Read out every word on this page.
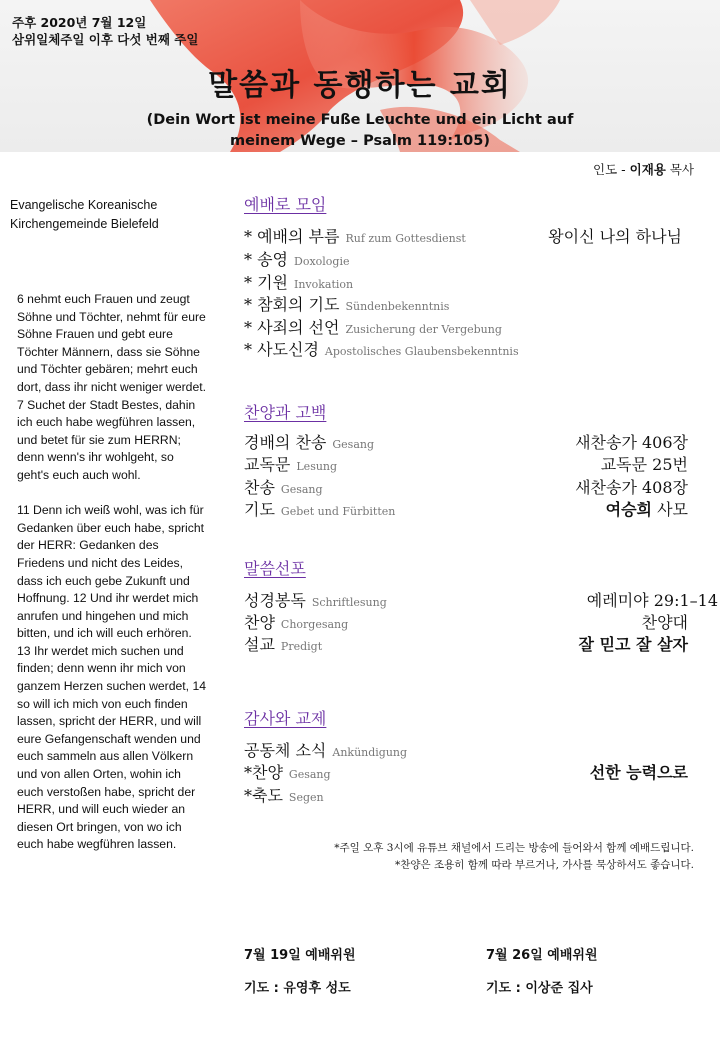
주후 2020년 7월 12일
삼위일체주일 이후 다섯 번째 주일
말씀과 동행하는 교회
(Dein Wort ist meine Fuße Leuchte und ein Licht auf
meinem Wege – Psalm 119:105)
인도 - 이재용 목사
Evangelische Koreanische
Kirchengemeinde Bielefeld

6 nehmt euch Frauen und zeugt Söhne und Töchter, nehmt für eure Söhne Frauen und gebt eure Töchter Männern, dass sie Söhne und Töchter gebären; mehrt euch dort, dass ihr nicht weniger werdet. 7 Suchet der Stadt Bestes, dahin ich euch habe wegführen lassen, und betet für sie zum HERRN; denn wenn's ihr wohlgeht, so geht's euch auch wohl.

11 Denn ich weiß wohl, was ich für Gedanken über euch habe, spricht der HERR: Gedanken des Friedens und nicht des Leides, dass ich euch gebe Zukunft und Hoffnung. 12 Und ihr werdet mich anrufen und hingehen und mich bitten, und ich will euch erhören. 13 Ihr werdet mich suchen und finden; denn wenn ihr mich von ganzem Herzen suchen werdet, 14 so will ich mich von euch finden lassen, spricht der HERR, und will eure Gefangenschaft wenden und euch sammeln aus allen Völkern und von allen Orten, wohin ich euch verstoßen habe, spricht der HERR, und will euch wieder an diesen Ort bringen, von wo ich euch habe wegführen lassen.

예배로 모임
* 예배의 부름 Ruf zum Gottesdienst	왕이신 나의 하나님
* 송영 Doxologie
* 기원 Invokation
* 참회의 기도 Sündenbekenntnis
* 사죄의 선언 Zusicherung der Vergebung
* 사도신경 Apostolisches Glaubensbekenntnis
찬양과 고백
경배의 찬송 Gesang	새찬송가 406장
교독문 Lesung	교독문 25번
찬송 Gesang	새찬송가 408장
기도 Gebet und Fürbitten	여승희 사모
말씀선포
성경봉독 Schriftlesung	예레미야 29:1–14
찬양 Chorgesang	찬양대
설교 Predigt	잘 믿고 잘 살자
감사와 교제
공동체 소식 Ankündigung
*찬양 Gesang	선한 능력으로
*축도 Segen
*주일 오후 3시에 유튜브 채널에서 드리는 방송에 들어와서 함께 예배드립니다.
*찬양은 조용히 함께 따라 부르거나, 가사를 묵상하셔도 좋습니다.
7월 19일 예배위원
기도 : 유영후 성도
7월 26일 예배위원
기도 : 이상준 집사
